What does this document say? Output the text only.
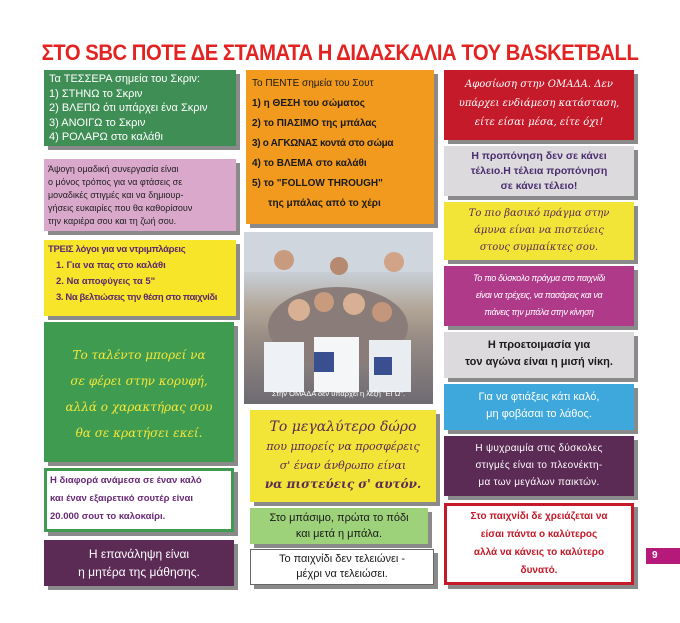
ΣΤΟ SBC ΠΟΤΕ ΔΕ ΣΤΑΜΑΤΑ Η ΔΙΔΑΣΚΑΛΙΑ ΤΟΥ BASKETBALL
Τα ΤΕΣΣΕΡΑ σημεία του Σκριν:
1) ΣΤΗΝΩ το Σκριν
2) ΒΛΕΠΩ ότι υπάρχει ένα Σκριν
3) ΑΝΟΙΓΩ το Σκριν
4) ΡΟΛΑΡΩ στο καλάθι
Άψογη ομαδική συνεργασία είναι
ο μόνος τρόπος για να φτάσεις σε
μοναδικές στιγμές και να δημιουρ-
γήσεις ευκαιρίες που θα καθορίσουν
την καριέρα σου και τη ζωή σου.
ΤΡΕΙΣ λόγοι για να ντριμπλάρεις
1. Για να πας στο καλάθι
2. Να αποφύγεις τα 5"
3. Να βελτιώσεις την θέση στο παιχνίδι
Το ταλέντο μπορεί να
σε φέρει στην κορυφή,
αλλά ο χαρακτήρας σου
θα σε κρατήσει εκεί.
Η διαφορά ανάμεσα σε έναν καλό
και έναν εξαιρετικό σουτέρ είναι
20.000 σουτ το καλοκαίρι.
Η επανάληψη είναι
η μητέρα της μάθησης.
Το ΠΕΝΤΕ σημεία του Σουτ
1) η ΘΕΣΗ του σώματος
2) το ΠΙΑΣΙΜΟ της μπάλας
3) ο ΑΓΚΩΝΑΣ κοντά στο σώμα
4) το ΒΛΕΜΑ στο καλάθι
5) το "FOLLOW THROUGH"
της μπάλας από το χέρι
Στην ΟΜΑΔΑ δεν υπάρχει η λέξη "ΕΓΩ".
Το μεγαλύτερο δώρο
που μπορείς να προσφέρεις
σ' έναν άνθρωπο είναι
να πιστεύεις σ' αυτόν.
Στο μπάσιμο, πρώτα το πόδι
και μετά η μπάλα.
Το παιχνίδι δεν τελειώνει -
μέχρι να τελειώσει.
Αφοσίωση στην ΟΜΑΔΑ. Δεν
υπάρχει ενδιάμεση κατάσταση,
είτε είσαι μέσα, είτε όχι!
Η προπόνηση δεν σε κάνει
τέλειο.Η τέλεια προπόνηση
σε κάνει τέλειο!
Το πιο βασικό πράγμα στην
άμυνα είναι να πιστεύεις
στους συμπαίκτες σου.
Το πιο δύσκολο πράγμα στο παιχνίδι
είναι να τρέχεις, να πασάρεις και να
πιάνεις την μπάλα στην κίνηση
Η προετοιμασία για
τον αγώνα είναι η μισή νίκη.
Για να φτιάξεις κάτι καλό,
μη φοβάσαι το λάθος.
Η ψυχραιμία στις δύσκολες
στιγμές είναι το πλεονέκτη-
μα των μεγάλων παικτών.
Στο παιχνίδι δε χρειάζεται να
είσαι πάντα ο καλύτερος
αλλά να κάνεις το καλύτερο
δυνατό.
9
